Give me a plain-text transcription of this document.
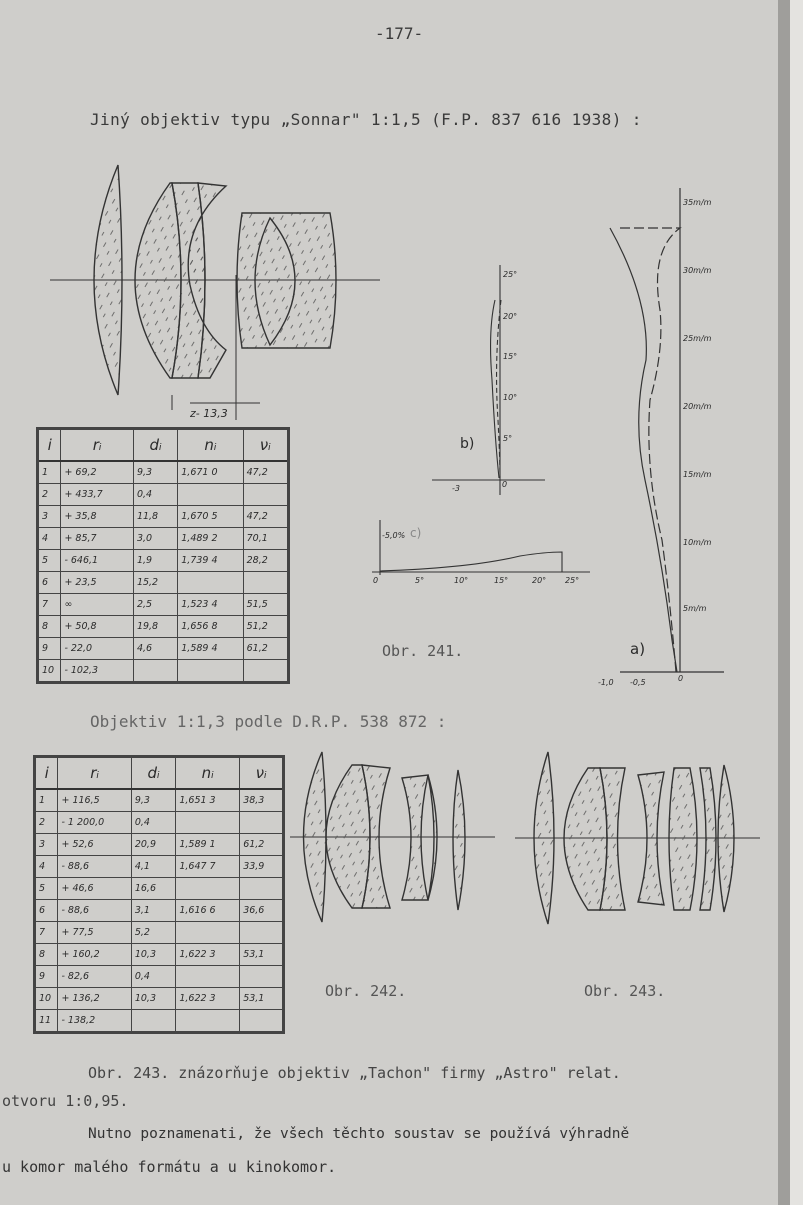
-177-
Jiný objektiv typu „Sonnar" 1:1,5 (F.P. 837 616 1938) :
z- 13,3
b)
25°
20°
15°
10°
5°
-3	0
c)
-5,0%
0	5°	10°	15°	20° 25°
35m/m
30m/m
25m/m
20m/m
15m/m
10m/m
5m/m
a)
-1,0 -0,5	0
Obr. 241.
i	rᵢ	dᵢ	nᵢ	νᵢ
1	+ 69,2	9,3	1,671 0	47,2
2	+ 433,7	0,4		
3	+ 35,8	11,8	1,670 5	47,2
4	+ 85,7	3,0	1,489 2	70,1
5	- 646,1	1,9	1,739 4	28,2
6	+ 23,5	15,2		
7	∞	2,5	1,523 4	51,5
8	+ 50,8	19,8	1,656 8	51,2
9	- 22,0	4,6	1,589 4	61,2
10	- 102,3			
Objektiv 1:1,3 podle D.R.P. 538 872 :
i	rᵢ	dᵢ	nᵢ	νᵢ
1	+ 116,5	9,3	1,651 3	38,3
2	- 1 200,0	0,4		
3	+ 52,6	20,9	1,589 1	61,2
4	- 88,6	4,1	1,647 7	33,9
5	+ 46,6	16,6		
6	- 88,6	3,1	1,616 6	36,6
7	+ 77,5	5,2		
8	+ 160,2	10,3	1,622 3	53,1
9	- 82,6	0,4		
10	+ 136,2	10,3	1,622 3	53,1
11	- 138,2			
Obr. 242.	Obr. 243.
Obr. 243. znázorňuje objektiv „Tachon" firmy „Astro" relat.
otvoru 1:0,95.
Nutno poznamenati, že všech těchto soustav se používá výhradně
u komor malého formátu a u kinokomor.
